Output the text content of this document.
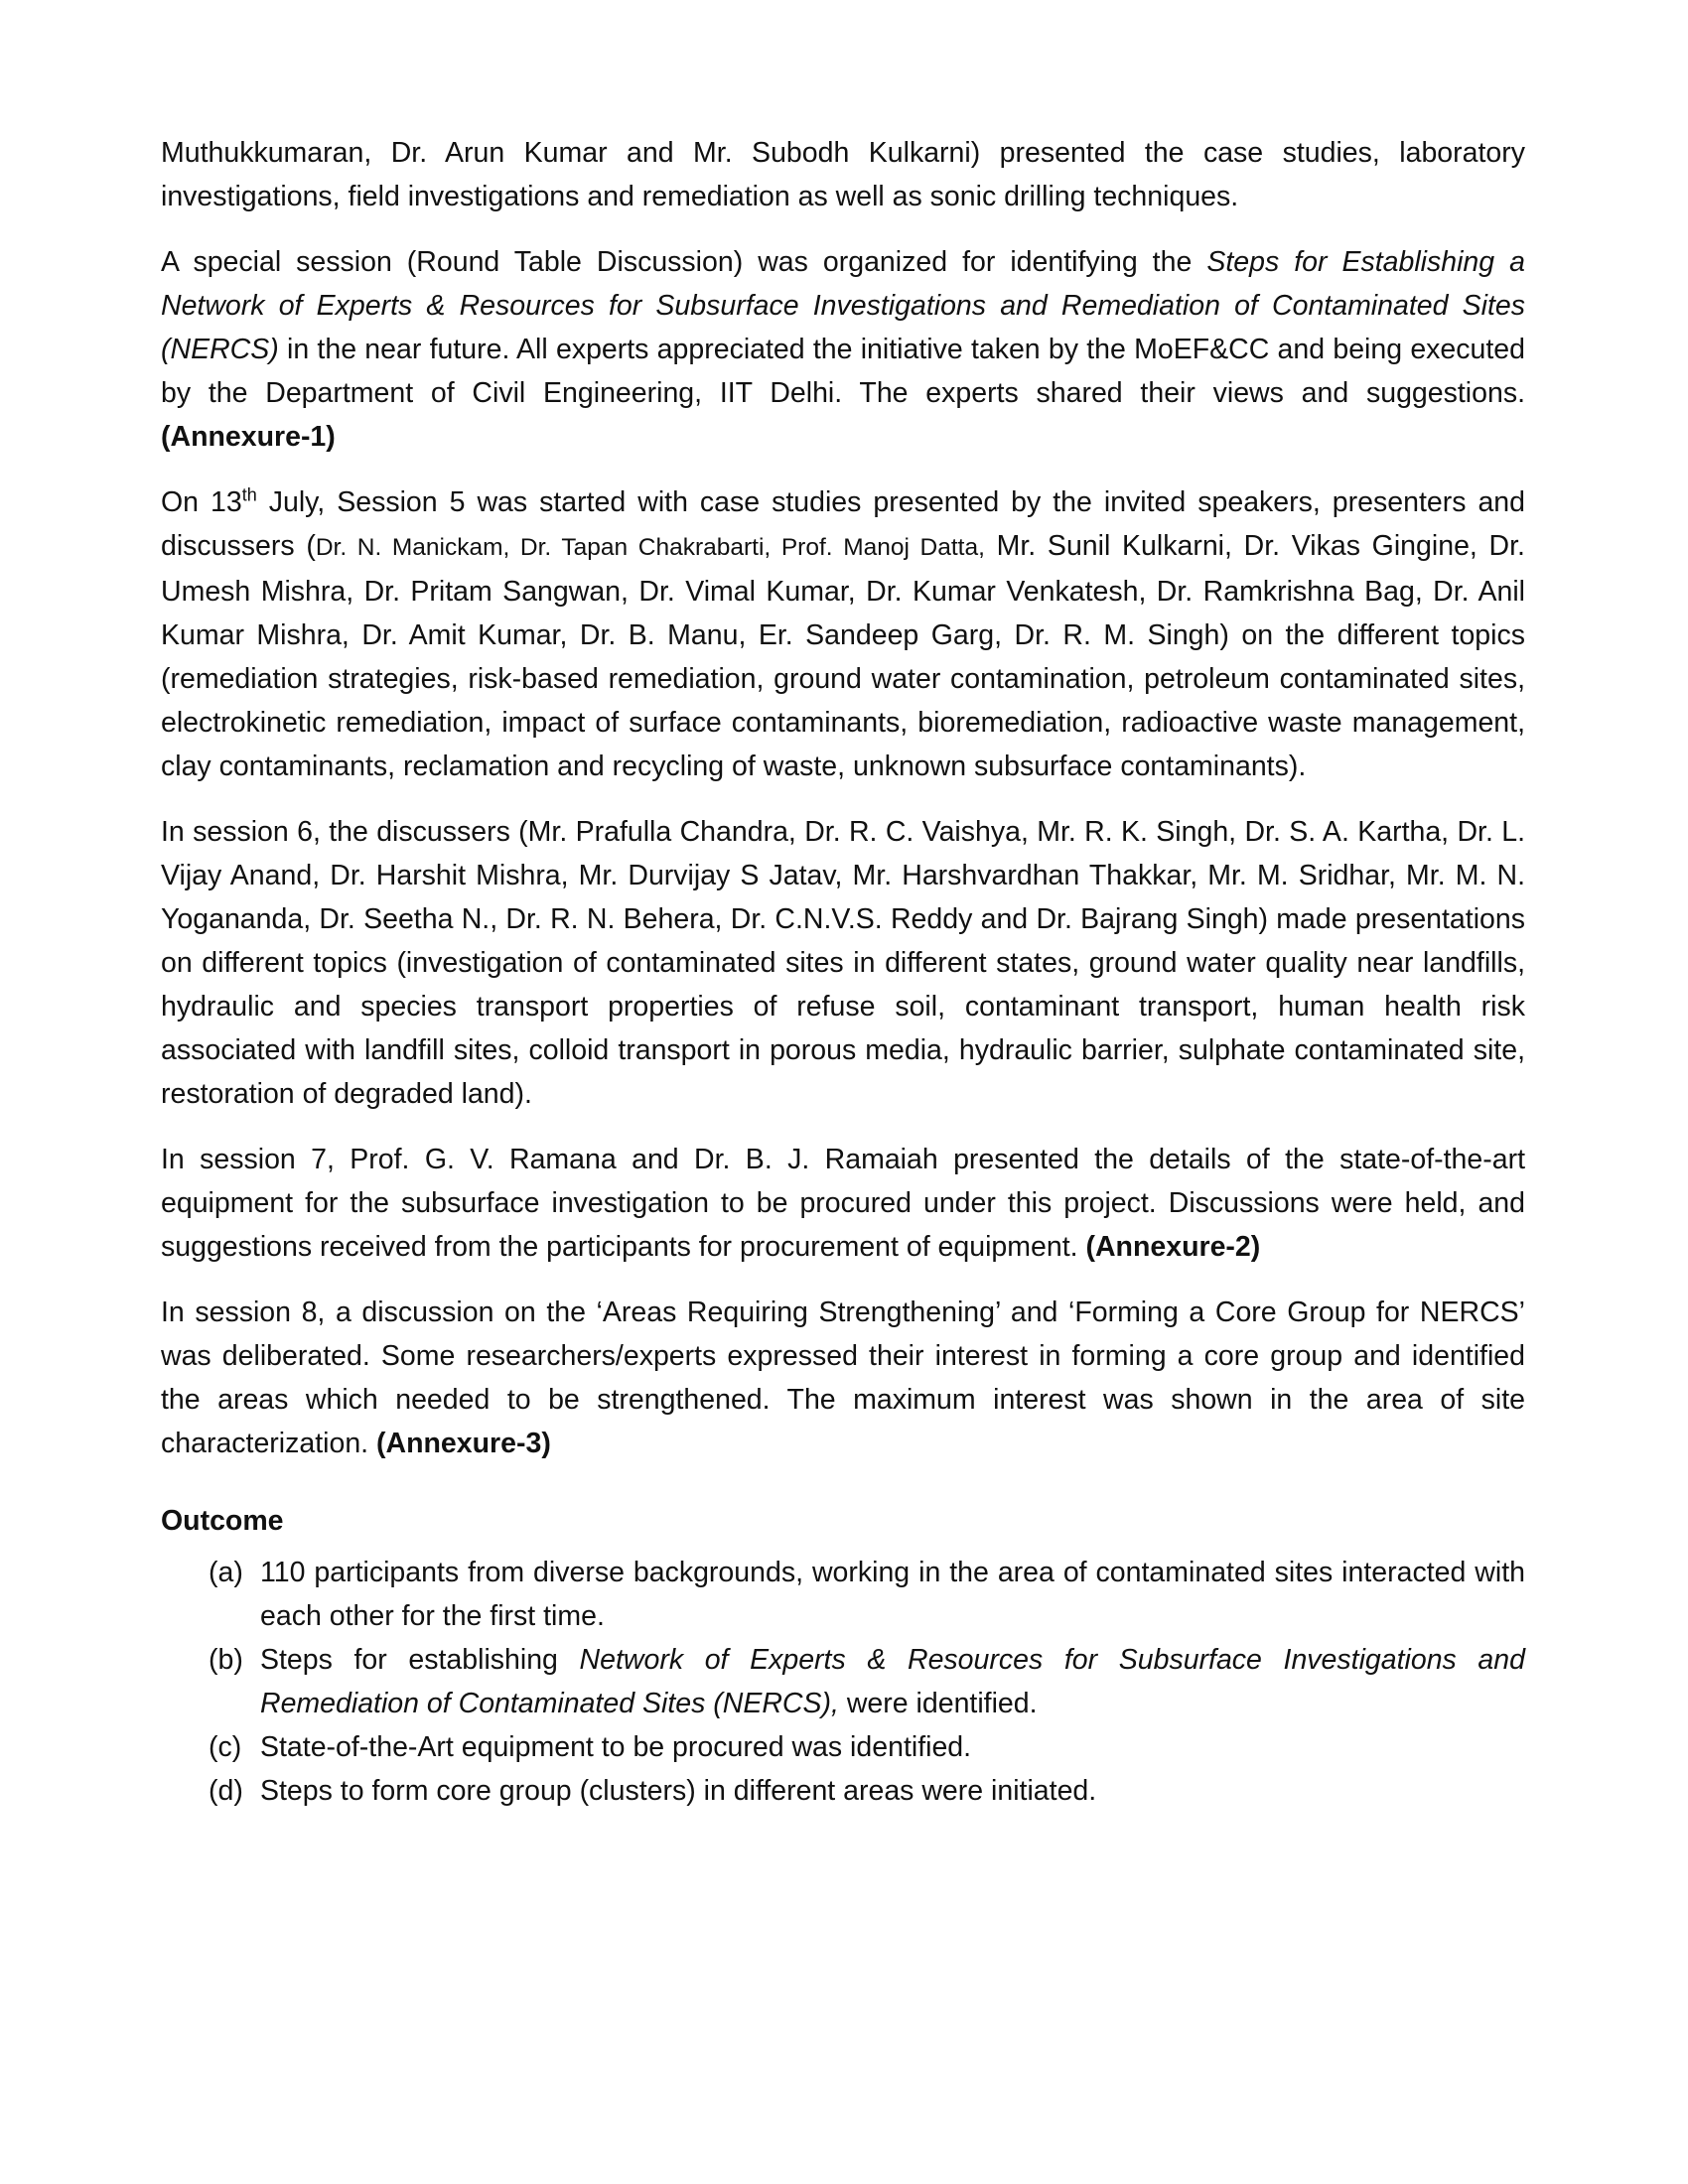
Muthukkumaran, Dr. Arun Kumar and Mr. Subodh Kulkarni) presented the case studies, laboratory investigations, field investigations and remediation as well as sonic drilling techniques.

A special session (Round Table Discussion) was organized for identifying the Steps for Establishing a Network of Experts & Resources for Subsurface Investigations and Remediation of Contaminated Sites (NERCS) in the near future. All experts appreciated the initiative taken by the MoEF&CC and being executed by the Department of Civil Engineering, IIT Delhi. The experts shared their views and suggestions. (Annexure-1)

On 13th July, Session 5 was started with case studies presented by the invited speakers, presenters and discussers (Dr. N. Manickam, Dr. Tapan Chakrabarti, Prof. Manoj Datta, Mr. Sunil Kulkarni, Dr. Vikas Gingine, Dr. Umesh Mishra, Dr. Pritam Sangwan, Dr. Vimal Kumar, Dr. Kumar Venkatesh, Dr. Ramkrishna Bag, Dr. Anil Kumar Mishra, Dr. Amit Kumar, Dr. B. Manu, Er. Sandeep Garg, Dr. R. M. Singh) on the different topics (remediation strategies, risk-based remediation, ground water contamination, petroleum contaminated sites, electrokinetic remediation, impact of surface contaminants, bioremediation, radioactive waste management, clay contaminants, reclamation and recycling of waste, unknown subsurface contaminants).

In session 6, the discussers (Mr. Prafulla Chandra, Dr. R. C. Vaishya, Mr. R. K. Singh, Dr. S. A. Kartha, Dr. L. Vijay Anand, Dr. Harshit Mishra, Mr. Durvijay S Jatav, Mr. Harshvardhan Thakkar, Mr. M. Sridhar, Mr. M. N. Yogananda, Dr. Seetha N., Dr. R. N. Behera, Dr. C.N.V.S. Reddy and Dr. Bajrang Singh) made presentations on different topics (investigation of contaminated sites in different states, ground water quality near landfills, hydraulic and species transport properties of refuse soil, contaminant transport, human health risk associated with landfill sites, colloid transport in porous media, hydraulic barrier, sulphate contaminated site, restoration of degraded land).

In session 7, Prof. G. V. Ramana and Dr. B. J. Ramaiah presented the details of the state-of-the-art equipment for the subsurface investigation to be procured under this project. Discussions were held, and suggestions received from the participants for procurement of equipment. (Annexure-2)

In session 8, a discussion on the ‘Areas Requiring Strengthening’ and ‘Forming a Core Group for NERCS’ was deliberated. Some researchers/experts expressed their interest in forming a core group and identified the areas which needed to be strengthened. The maximum interest was shown in the area of site characterization. (Annexure-3)

Outcome
(a) 110 participants from diverse backgrounds, working in the area of contaminated sites interacted with each other for the first time.
(b) Steps for establishing Network of Experts & Resources for Subsurface Investigations and Remediation of Contaminated Sites (NERCS), were identified.
(c) State-of-the-Art equipment to be procured was identified.
(d) Steps to form core group (clusters) in different areas were initiated.
